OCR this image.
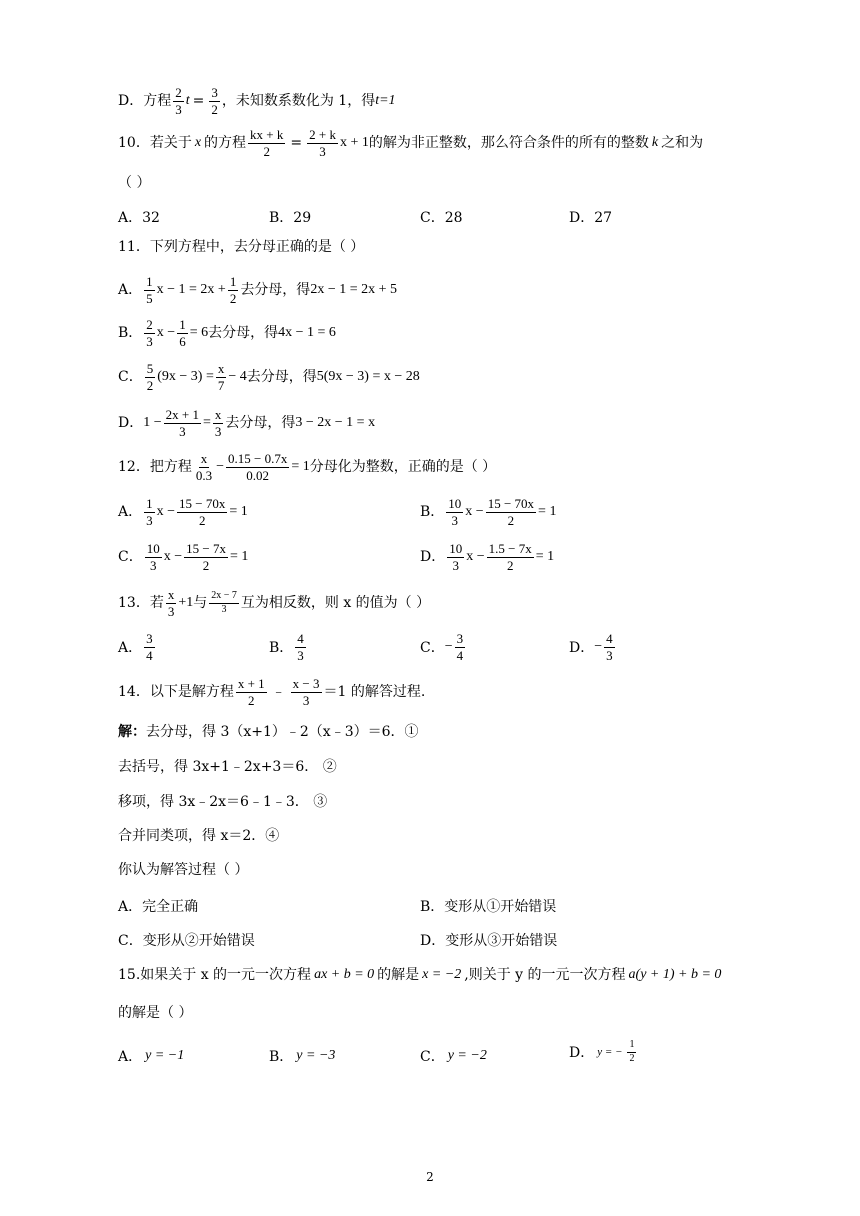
D．方程 $\frac{2}{3}$ $t = \frac{3}{2}$ ，未知数系数化为 1，得 t=1
10．若关于 x 的方程 $\frac{kx + k}{2} = \frac{2 + k}{3}$ x + 1 的解为非正整数，那么符合条件的所有的整数 k 之和为
（ ）
A．32	B．29	C．28	D．27
11．下列方程中，去分母正确的是（ ）
A． $\frac{1}{5}$ $x - 1 = 2x + \frac{1}{2}$ 去分母，得 2x − 1 = 2x + 5
B． $\frac{2}{3}$ $x - \frac{1}{6} = 6$ 去分母，得 4x − 1 = 6
C． $\frac{5}{2} (9x - 3) = \frac{x}{7} - 4$ 去分母，得 5(9x − 3) = x − 28
D． $1 - \frac{2x + 1}{3} = \frac{x}{3}$ 去分母，得 3 − 2x − 1 = x
12．把方程 $\frac{x}{0.3} - \frac{0.15 - 0.7x}{0.02} = 1$ 分母化为整数，正确的是（ ）
A． $\frac{1}{3}$ $x - \frac{15 - 70x}{2} = 1$	B． $\frac{10}{3}$ $x - \frac{15 - 70x}{2} = 1$
C． $\frac{10}{3}$ $x - \frac{15 - 7x}{2} = 1$	D． $\frac{10}{3}$ $x - \frac{1.5 - 7x}{2} = 1$
13．若 $\frac{x}{3} +1$ 与 $\frac{2x - 7}{3}$ 互为相反数，则 x 的值为（ ）
A． $\frac{3}{4}$	B． $\frac{4}{3}$	C． − $\frac{3}{4}$	D． − $\frac{4}{3}$
14．以下是解方程 $\frac{x + 1}{2}$ ﹣ $\frac{x - 3}{3} =1$ 的解答过程.
解： 去分母，得 3（x+1）﹣2（x﹣3）＝6．①
去括号，得 3x+1﹣2x+3＝6． ②
移项，得 3x﹣2x＝6﹣1﹣3． ③
合并同类项，得 x＝2．④
你认为解答过程（ ）
A．完全正确	B．变形从①开始错误
C．变形从②开始错误	D．变形从③开始错误
15.如果关于 x 的一元一次方程 ax + b = 0 的解是 x = −2 ,则关于 y 的一元一次方程 a(y + 1) + b = 0
的解是（ ）
A． y = −1	B． y = −3	C． y = −2	D． y = − $\frac{1}{2}$
2
